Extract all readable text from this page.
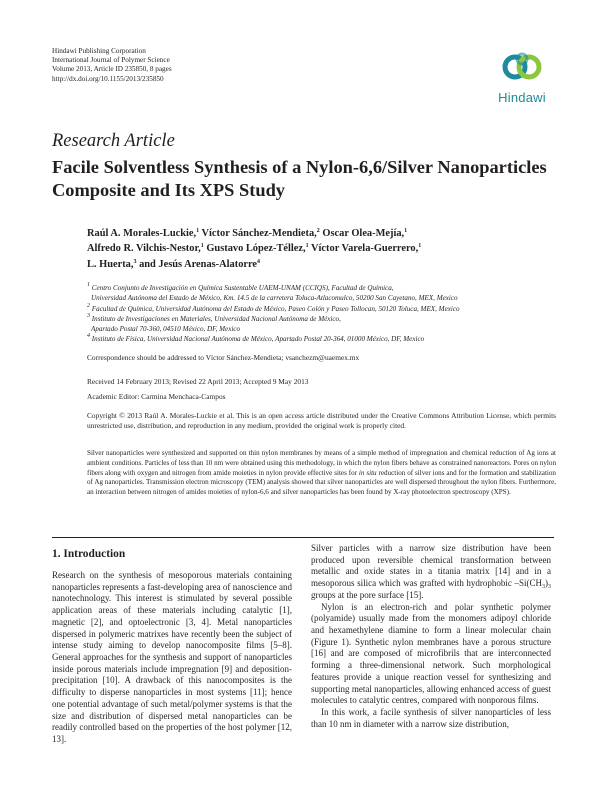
Hindawi Publishing Corporation
International Journal of Polymer Science
Volume 2013, Article ID 235850, 8 pages
http://dx.doi.org/10.1155/2013/235850
Hindawi
Research Article
Facile Solventless Synthesis of a Nylon-6,6/Silver Nanoparticles
Composite and Its XPS Study
Raúl A. Morales-Luckie,$^1$ Víctor Sánchez-Mendieta,$^2$ Oscar Olea-Mejía,$^1$
Alfredo R. Vilchis-Nestor,$^1$ Gustavo López-Téllez,$^1$ Víctor Varela-Guerrero,$^1$
L. Huerta,$^3$ and Jesús Arenas-Alatorre$^4$
$^1$ Centro Conjunto de Investigación en Química Sustentable UAEM-UNAM (CCIQS), Facultad de Química,
Universidad Autónoma del Estado de México, Km. 14.5 de la carretera Toluca-Atlacomulco, 50200 San Cayetano, MEX, Mexico
$^2$ Facultad de Química, Universidad Autónoma del Estado de México, Paseo Colón y Paseo Tollocan, 50120 Toluca, MEX, Mexico
$^3$ Instituto de Investigaciones en Materiales, Universidad Nacional Autónoma de México,
Apartado Postal 70-360, 04510 México, DF, Mexico
$^4$ Instituto de Física, Universidad Nacional Autónoma de México, Apartado Postal 20-364, 01000 México, DF, Mexico
Correspondence should be addressed to Víctor Sánchez-Mendieta; vsanchezm@uaemex.mx
Received 14 February 2013; Revised 22 April 2013; Accepted 9 May 2013
Academic Editor: Carmina Menchaca-Campos
Copyright © 2013 Raúl A. Morales-Luckie et al. This is an open access article distributed under the Creative Commons Attribution License, which permits unrestricted use, distribution, and reproduction in any medium, provided the original work is properly cited.
Silver nanoparticles were synthesized and supported on thin nylon membranes by means of a simple method of impregnation and chemical reduction of Ag ions at ambient conditions. Particles of less than 10 nm were obtained using this methodology, in which the nylon fibers behave as constrained nanoreactors. Pores on nylon fibers along with oxygen and nitrogen from amide moieties in nylon provide effective sites for in situ reduction of silver ions and for the formation and stabilization of Ag nanoparticles. Transmission electron microscopy (TEM) analysis showed that silver nanoparticles are well dispersed throughout the nylon fibers. Furthermore, an interaction between nitrogen of amides moieties of nylon-6,6 and silver nanoparticles has been found by X-ray photoelectron spectroscopy (XPS).
1. Introduction

Research on the synthesis of mesoporous materials containing nanoparticles represents a fast-developing area of nanoscience and nanotechnology. This interest is stimulated by several possible application areas of these materials including catalytic [1], magnetic [2], and optoelectronic [3, 4]. Metal nanoparticles dispersed in polymeric matrixes have recently been the subject of intense study aiming to develop nanocomposite films [5–8]. General approaches for the synthesis and support of nanoparticles inside porous materials include impregnation [9] and deposition-precipitation [10]. A drawback of this nanocomposites is the difficulty to disperse nanoparticles in most systems [11]; hence one potential advantage of such metal/polymer systems is that the size and distribution of dispersed metal nanoparticles can be readily controlled based on the properties of the host polymer [12, 13].

Silver particles with a narrow size distribution have been produced upon reversible chemical transformation between metallic and oxide states in a titania matrix [14] and in a mesoporous silica which was grafted with hydrophobic $-Si(CH_3)_3$ groups at the pore surface [15].

Nylon is an electron-rich and polar synthetic polymer (polyamide) usually made from the monomers adipoyl chloride and hexamethylene diamine to form a linear molecular chain (Figure 1). Synthetic nylon membranes have a porous structure [16] and are composed of microfibrils that are interconnected forming a three-dimensional network. Such morphological features provide a unique reaction vessel for synthesizing and supporting metal nanoparticles, allowing enhanced access of guest molecules to catalytic centres, compared with nonporous films.

In this work, a facile synthesis of silver nanoparticles of less than 10 nm in diameter with a narrow size distribution,
